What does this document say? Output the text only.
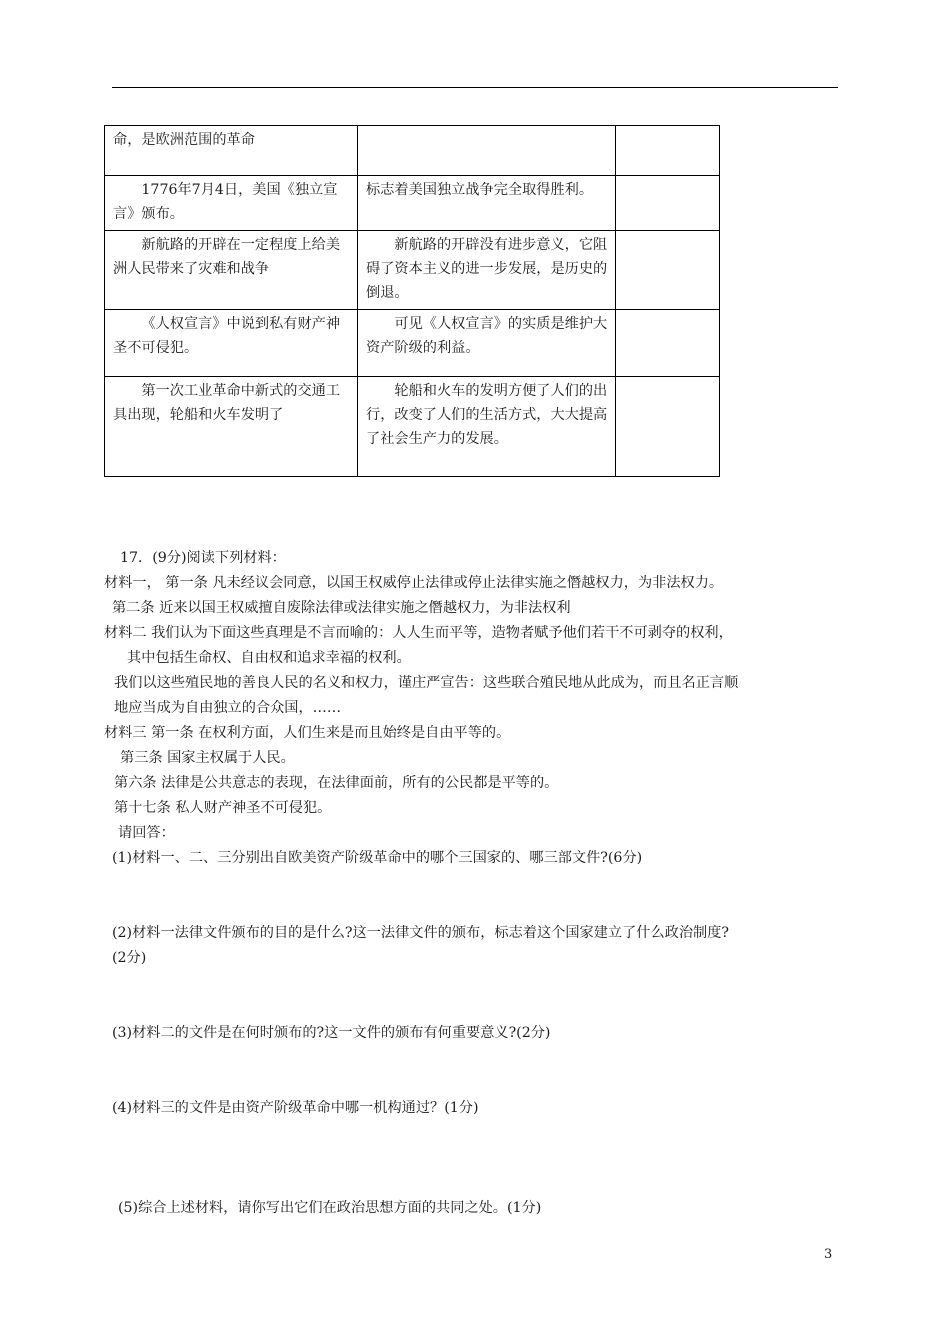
命，是欧洲范围的革命		
1776年7月4日，美国《独立宣言》颁布。	标志着美国独立战争完全取得胜利。	
新航路的开辟在一定程度上给美洲人民带来了灾难和战争	新航路的开辟没有进步意义，它阻碍了资本主义的进一步发展，是历史的倒退。	
《人权宣言》中说到私有财产神圣不可侵犯。	可见《人权宣言》的实质是维护大资产阶级的利益。	
第一次工业革命中新式的交通工具出现，轮船和火车发明了	轮船和火车的发明方便了人们的出行，改变了人们的生活方式，大大提高了社会生产力的发展。	
17．(9分)阅读下列材料：
材料一， 第一条 凡未经议会同意，以国王权威停止法律或停止法律实施之僭越权力，为非法权力。
第二条 近来以国王权威擅自废除法律或法律实施之僭越权力，为非法权利
材料二 我们认为下面这些真理是不言而喻的：人人生而平等，造物者赋予他们若干不可剥夺的权利，
其中包括生命权、自由权和追求幸福的权利。
我们以这些殖民地的善良人民的名义和权力，谨庄严宣告：这些联合殖民地从此成为，而且名正言顺
地应当成为自由独立的合众国，……
材料三 第一条 在权利方面，人们生来是而且始终是自由平等的。
第三条 国家主权属于人民。
第六条 法律是公共意志的表现，在法律面前，所有的公民都是平等的。
第十七条 私人财产神圣不可侵犯。
请回答：
(1)材料一、二、三分别出自欧美资产阶级革命中的哪个三国家的、哪三部文件?(6分)
(2)材料一法律文件颁布的目的是什么?这一法律文件的颁布，标志着这个国家建立了什么政治制度?
(2分)
(3)材料二的文件是在何时颁布的?这一文件的颁布有何重要意义?(2分)
(4)材料三的文件是由资产阶级革命中哪一机构通过？(1分)
(5)综合上述材料，请你写出它们在政治思想方面的共同之处。(1分)
3
